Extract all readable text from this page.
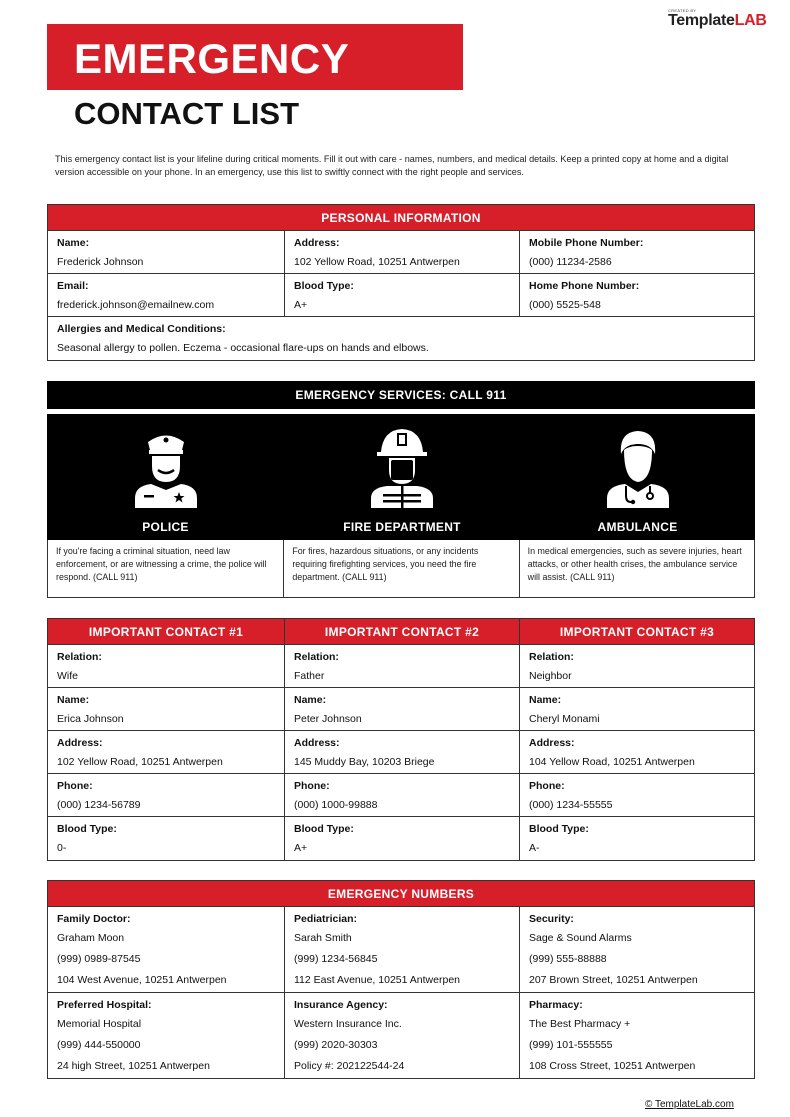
EMERGENCY
CONTACT LIST
CREATED BY
TemplateLAB
This emergency contact list is your lifeline during critical moments. Fill it out with care - names, numbers, and medical details. Keep a printed copy at home and a digital version accessible on your phone. In an emergency, use this list to swiftly connect with the right people and services.
PERSONAL INFORMATION
Name:
Frederick Johnson
Address:
102 Yellow Road, 10251 Antwerpen
Mobile Phone Number:
(000) 11234-2586
Email:
frederick.johnson@emailnew.com
Blood Type:
A+
Home Phone Number:
(000) 5525-548
Allergies and Medical Conditions:
Seasonal allergy to pollen. Eczema - occasional flare-ups on hands and elbows.
EMERGENCY SERVICES: CALL 911
POLICE	FIRE DEPARTMENT	AMBULANCE
If you're facing a criminal situation, need law enforcement, or are witnessing a crime, the police will respond. (CALL 911)
For fires, hazardous situations, or any incidents requiring firefighting services, you need the fire department. (CALL 911)
In medical emergencies, such as severe injuries, heart attacks, or other health crises, the ambulance service will assist. (CALL 911)
IMPORTANT CONTACT #1	IMPORTANT CONTACT #2	IMPORTANT CONTACT #3
Relation:
Wife
Relation:
Father
Relation:
Neighbor
Name:
Erica Johnson
Name:
Peter Johnson
Name:
Cheryl Monami
Address:
102 Yellow Road, 10251 Antwerpen
Address:
145 Muddy Bay, 10203 Briege
Address:
104 Yellow Road, 10251 Antwerpen
Phone:
(000) 1234-56789
Phone:
(000) 1000-99888
Phone:
(000) 1234-55555
Blood Type:
0-
Blood Type:
A+
Blood Type:
A-
EMERGENCY NUMBERS
Family Doctor:
Graham Moon
(999) 0989-87545
104 West Avenue, 10251 Antwerpen
Pediatrician:
Sarah Smith
(999) 1234-56845
112 East Avenue, 10251 Antwerpen
Security:
Sage & Sound Alarms
(999) 555-88888
207 Brown Street, 10251 Antwerpen
Preferred Hospital:
Memorial Hospital
(999) 444-550000
24 high Street, 10251 Antwerpen
Insurance Agency:
Western Insurance Inc.
(999) 2020-30303
Policy #: 202122544-24
Pharmacy:
The Best Pharmacy +
(999) 101-555555
108 Cross Street, 10251 Antwerpen
© TemplateLab.com
